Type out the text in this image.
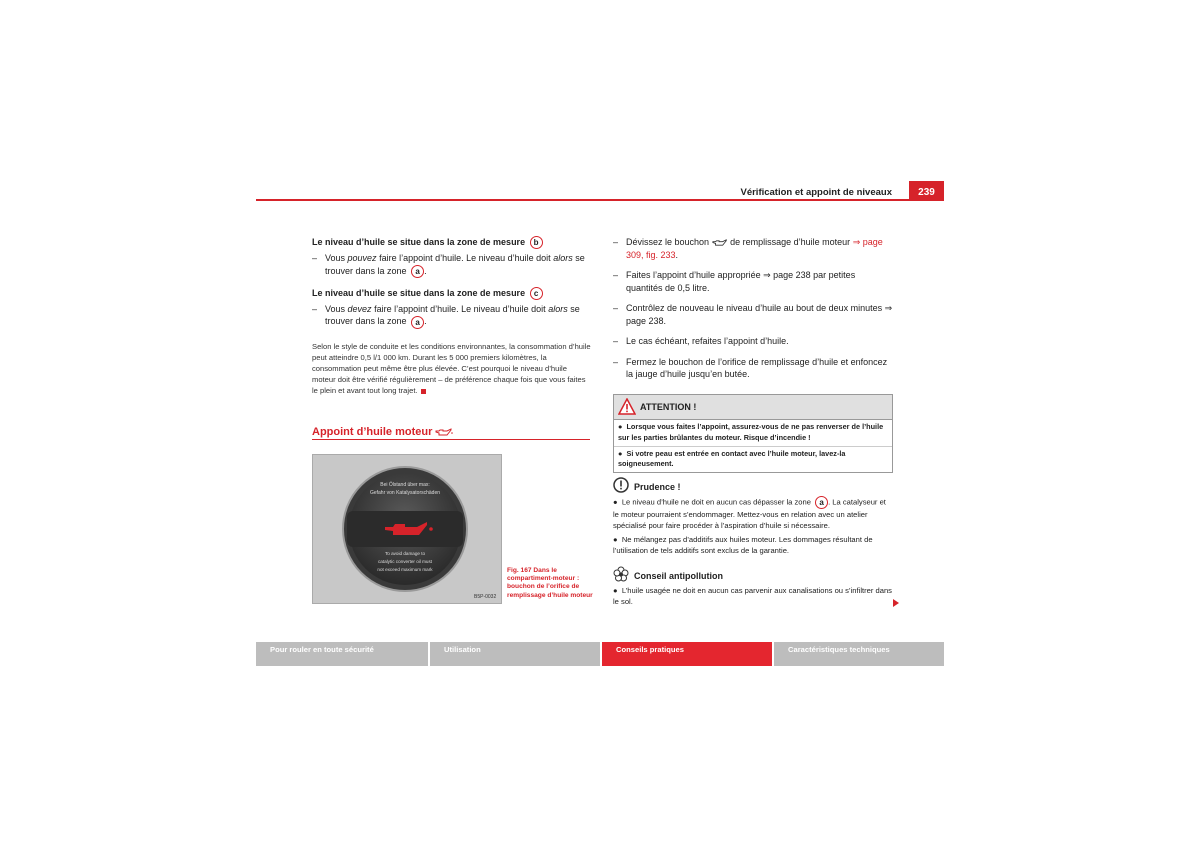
Vérification et appoint de niveaux	239
Le niveau d’huile se situe dans la zone de mesure b
– Vous pouvez faire l’appoint d’huile. Le niveau d’huile doit alors se trouver dans la zone a .
Le niveau d’huile se situe dans la zone de mesure c
– Vous devez faire l’appoint d’huile. Le niveau d’huile doit alors se trouver dans la zone a .
Selon le style de conduite et les conditions environnantes, la consommation d’huile peut atteindre 0,5 l/1 000 km. Durant les 5 000 premiers kilomètres, la consommation peut même être plus élevée. C’est pourquoi le niveau d’huile moteur doit être vérifié régulièrement – de préférence chaque fois que vous faites le plein et avant tout long trajet.
Appoint d’huile moteur
Bei Ölstand über max:
Gefahr von Katalysatorschäden
To avoid damage to
catalytic converter oil must
not exceed maximum mark
B5P-0032
Fig. 167 Dans le compartiment-moteur : bouchon de l’orifice de remplissage d’huile moteur
– Dévissez le bouchon de remplissage d’huile moteur ⇒ page 309, fig. 233.
– Faites l’appoint d’huile appropriée ⇒ page 238 par petites quantités de 0,5 litre.
– Contrôlez de nouveau le niveau d’huile au bout de deux minutes ⇒ page 238.
– Le cas échéant, refaites l’appoint d’huile.
– Fermez le bouchon de l’orifice de remplissage d’huile et enfoncez la jauge d’huile jusqu’en butée.
ATTENTION !
●  Lorsque vous faites l’appoint, assurez-vous de ne pas renverser de l’huile sur les parties brûlantes du moteur. Risque d’incendie !
●  Si votre peau est entrée en contact avec l’huile moteur, lavez-la soigneusement.
Prudence !
●  Le niveau d’huile ne doit en aucun cas dépasser la zone a . La catalyseur et le moteur pourraient s’endommager. Mettez-vous en relation avec un atelier spécialisé pour faire procéder à l’aspiration d’huile si nécessaire.
●  Ne mélangez pas d’additifs aux huiles moteur. Les dommages résultant de l’utilisation de tels additifs sont exclus de la garantie.
Conseil antipollution
●  L’huile usagée ne doit en aucun cas parvenir aux canalisations ou s’infiltrer dans le sol.
Pour rouler en toute sécurité	Utilisation	Conseils pratiques	Caractéristiques techniques
